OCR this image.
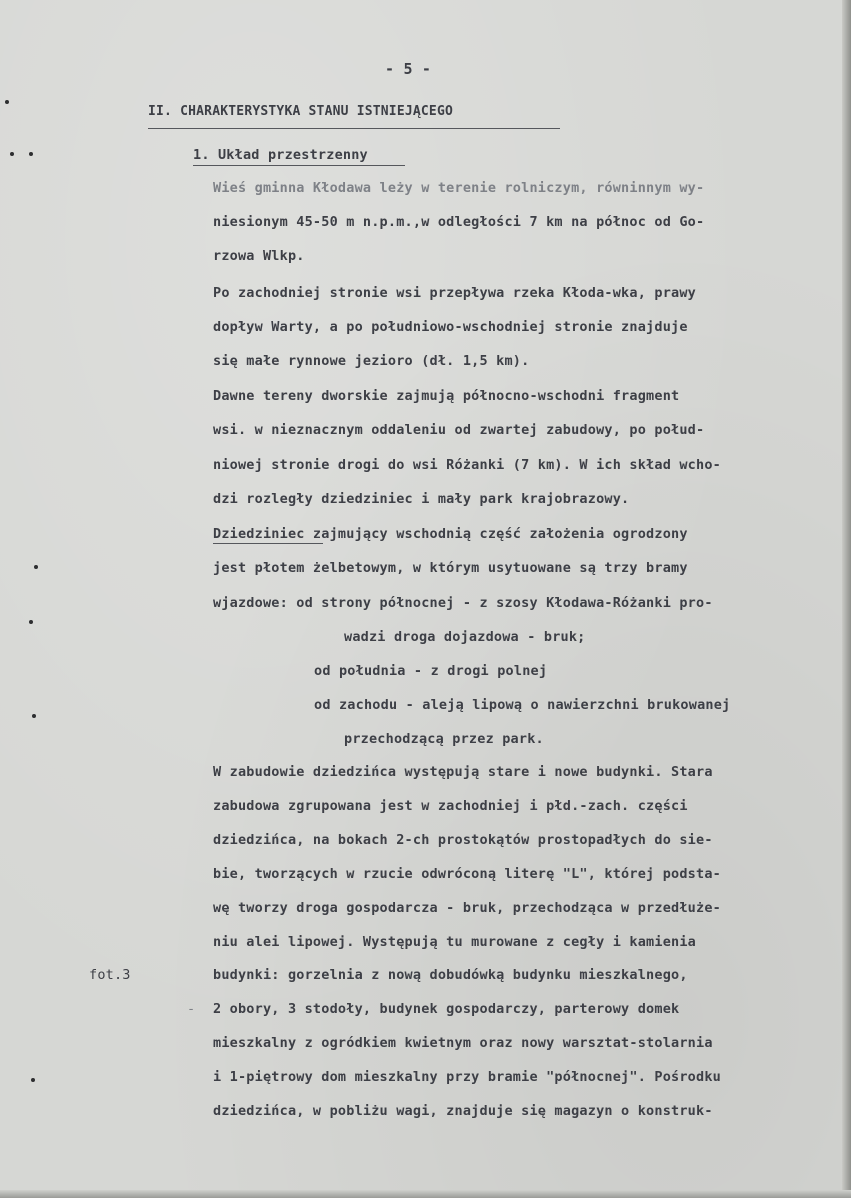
- 5 -
II. CHARAKTERYSTYKA STANU ISTNIEJĄCEGO
1. Układ przestrzenny
Wieś gminna Kłodawa leży w terenie rolniczym, równinnym wy-
niesionym 45-50 m n.p.m.,w odległości 7 km na północ od Go-
rzowa Wlkp.
Po zachodniej stronie wsi przepływa rzeka Kłoda-wka, prawy
dopływ Warty, a po południowo-wschodniej stronie znajduje
się małe rynnowe jezioro (dł. 1,5 km).
Dawne tereny dworskie zajmują północno-wschodni fragment
wsi. w nieznacznym oddaleniu od zwartej zabudowy, po połud-
niowej stronie drogi do wsi Różanki (7 km). W ich skład wcho-
dzi rozległy dziedziniec i mały park krajobrazowy.
Dziedziniec zajmujący wschodnią część założenia ogrodzony
jest płotem żelbetowym, w którym usytuowane są trzy bramy
wjazdowe: od strony północnej - z szosy Kłodawa-Różanki pro-
wadzi droga dojazdowa - bruk;
od południa - z drogi polnej
od zachodu - aleją lipową o nawierzchni brukowanej
przechodzącą przez park.
W zabudowie dziedzińca występują stare i nowe budynki. Stara
zabudowa zgrupowana jest w zachodniej i płd.-zach. części
dziedzińca, na bokach 2-ch prostokątów prostopadłych do sie-
bie, tworzących w rzucie odwróconą literę "L", której podsta-
wę tworzy droga gospodarcza - bruk, przechodząca w przedłuże-
niu alei lipowej. Występują tu murowane z cegły i kamienia
budynki: gorzelnia z nową dobudówką budynku mieszkalnego,
2 obory, 3 stodoły, budynek gospodarczy, parterowy domek
mieszkalny z ogródkiem kwietnym oraz nowy warsztat-stolarnia
i 1-piętrowy dom mieszkalny przy bramie "północnej". Pośrodku
dziedzińca, w pobliżu wagi, znajduje się magazyn o konstruk-
fot.3
-
